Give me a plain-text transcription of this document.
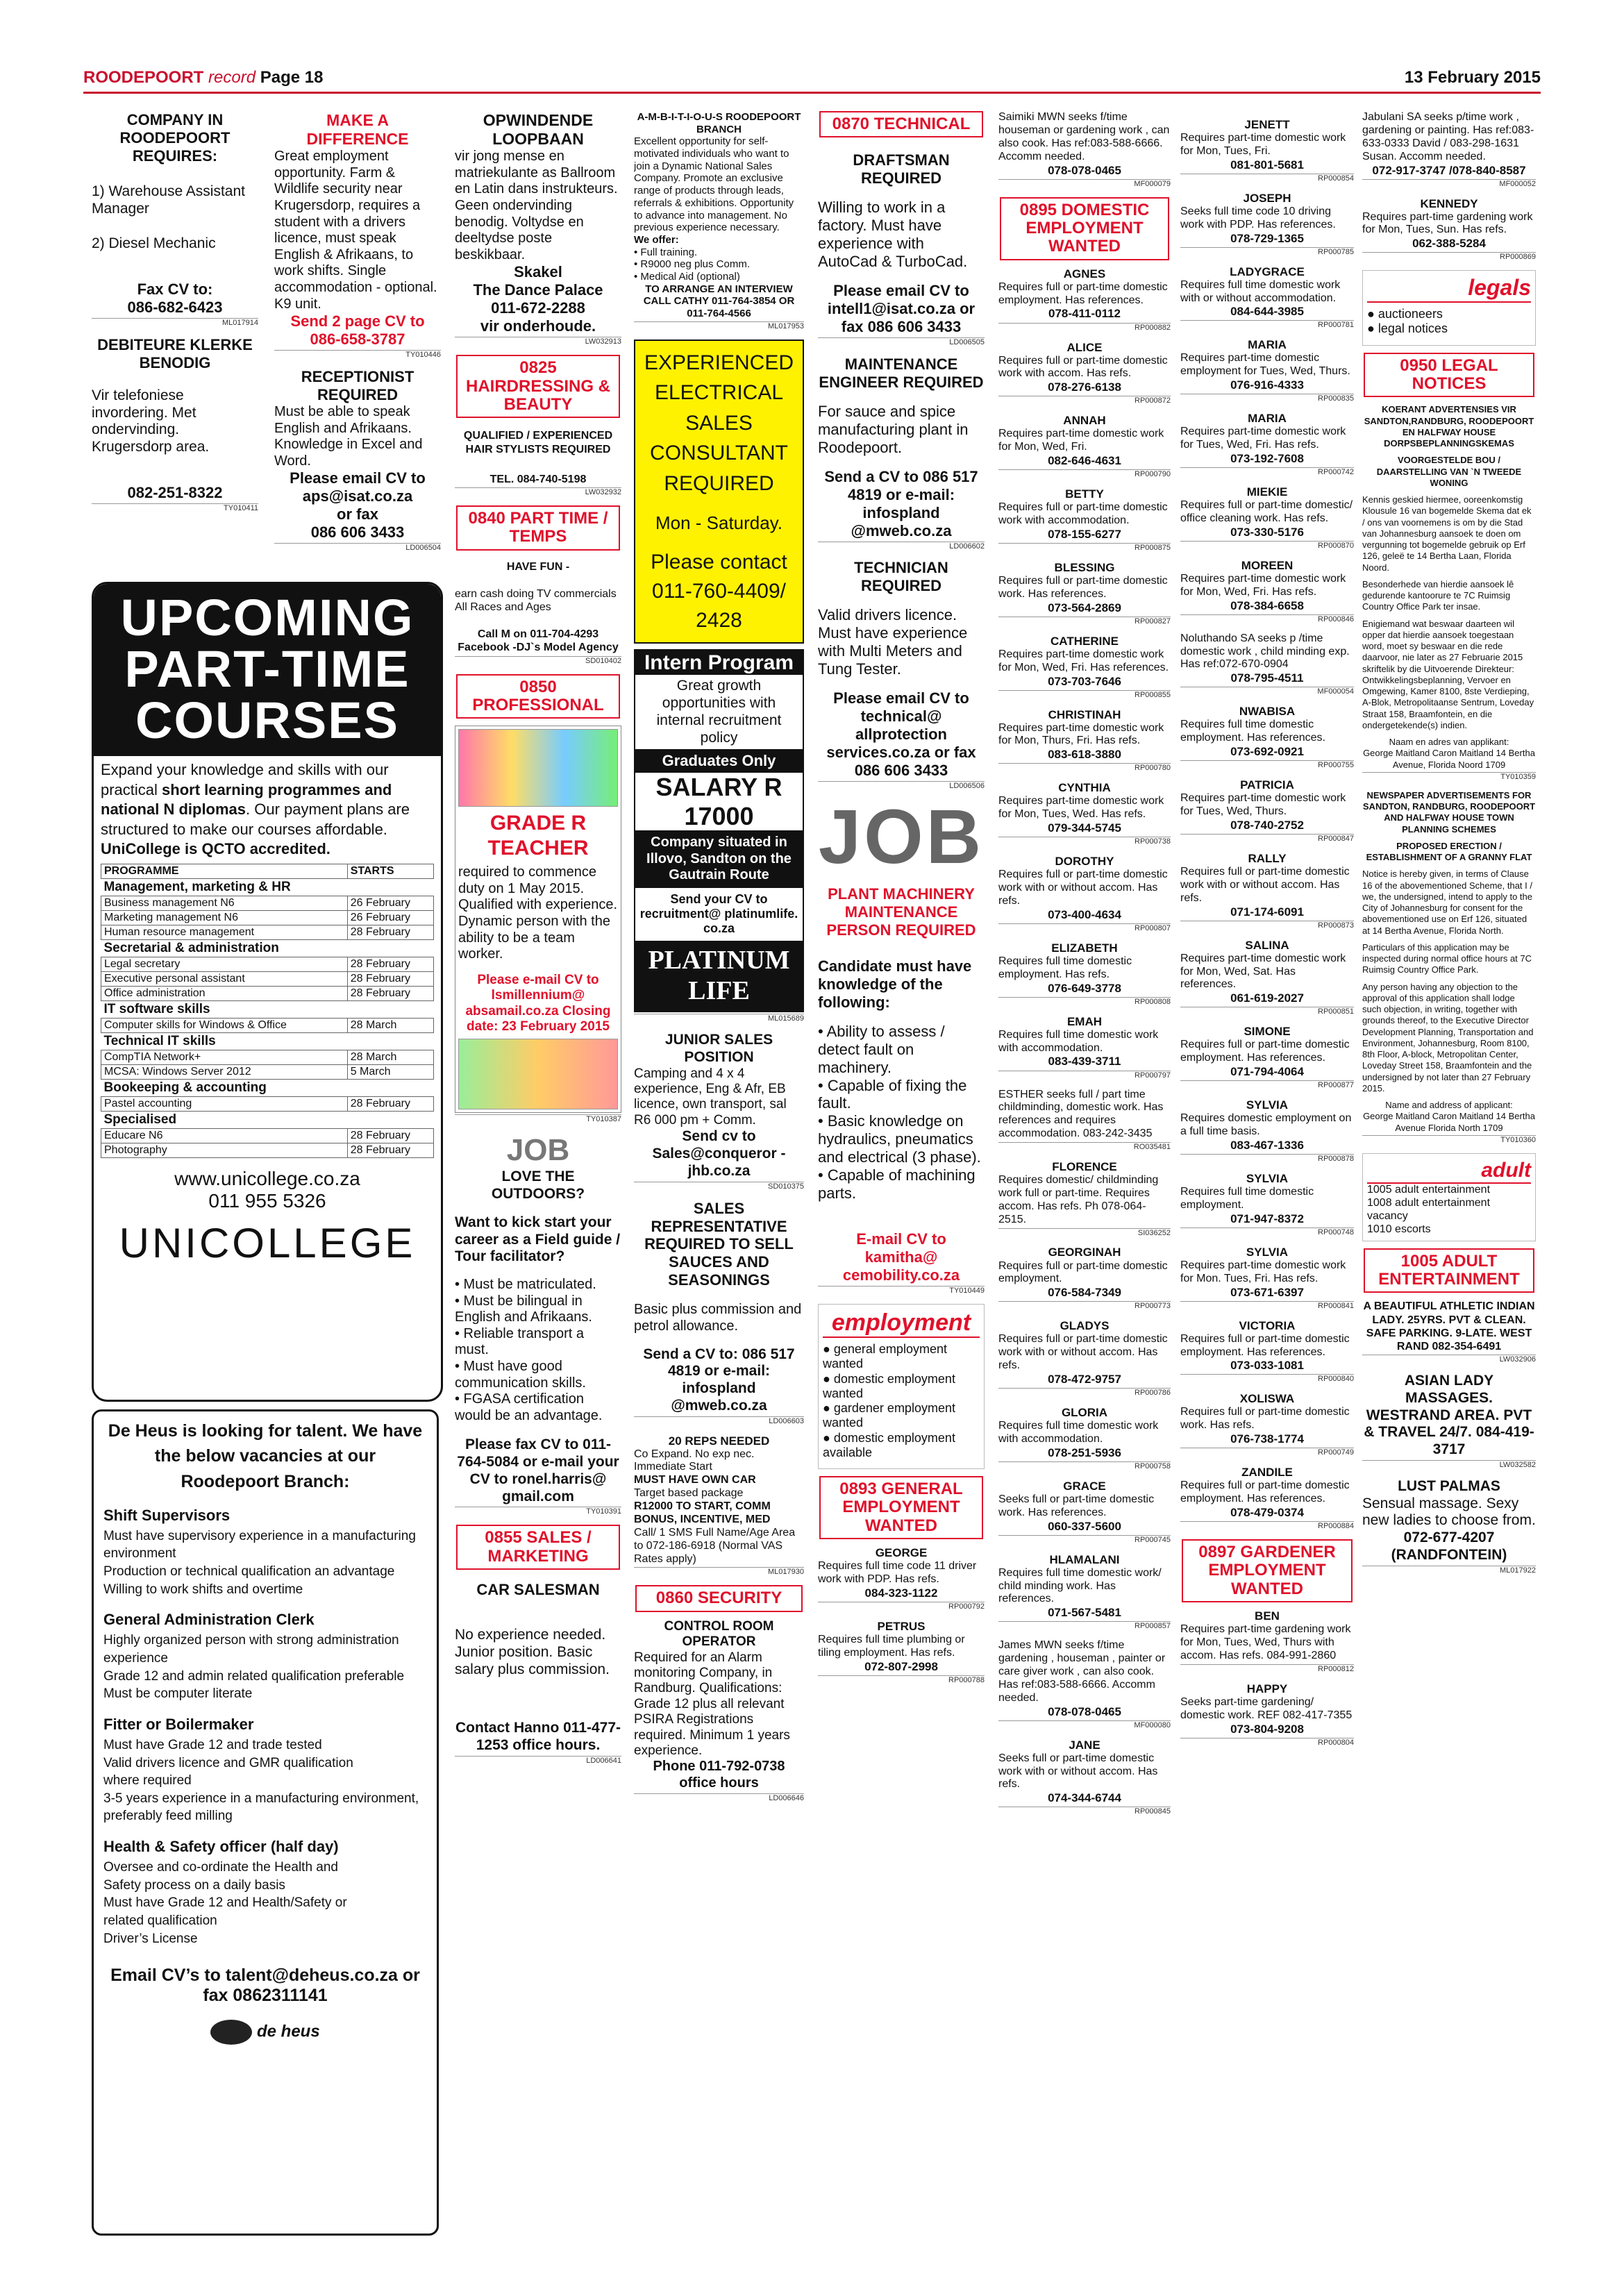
ROODEPOORT record Page 18	13 February 2015
COMPANY IN ROODEPOORT REQUIRES:
1) Warehouse Assistant Manager
2) Diesel Mechanic
Fax CV to:
086-682-6423
ML017914
DEBITEURE KLERKE BENODIG
Vir telefoniese invordering. Met ondervinding. Krugersdorp area.
082-251-8322
TY010411
MAKE A DIFFERENCE
Great employment opportunity. Farm & Wildlife security near Krugersdorp, requires a student with a drivers licence, must speak English & Afrikaans, to work shifts. Single accommodation - optional. K9 unit.
Send 2 page CV to 086-658-3787
TY010446
RECEPTIONIST REQUIRED
Must be able to speak English and Afrikaans. Knowledge in Excel and Word.
Please email CV to aps@isat.co.za
or fax
086 606 3433
LD006504
UPCOMING PART-TIME COURSES
Expand your knowledge and skills with our practical short learning programmes and national N diplomas. Our payment plans are structured to make our courses affordable.
UniCollege is QCTO accredited.
PROGRAMME	STARTS
Management, marketing & HR	
Business management N6	26 February
Marketing management N6	26 February
Human resource management	28 February
Secretarial & administration	
Legal secretary	28 February
Executive personal assistant	28 February
Office administration	28 February
IT software skills	
Computer skills for Windows & Office	28 March
Technical IT skills	
CompTIA Network+	28 March
MCSA: Windows Server 2012	5 March
Bookeeping & accounting	
Pastel accounting	28 February
Specialised	
Educare N6	28 February
Photography	28 February
www.unicollege.co.za
011 955 5326
UNICOLLEGE
De Heus is looking for talent. We have the below vacancies at our Roodepoort Branch:
Shift Supervisors

Must have supervisory experience in a manufacturing environment

Production or technical qualification an advantage

Willing to work shifts and overtime

General Administration Clerk

Highly organized person with strong administration experience

Grade 12 and admin related qualification preferable

Must be computer literate

Fitter or Boilermaker

Must have Grade 12 and trade tested

Valid drivers licence and GMR qualification

where required

3-5 years experience in a manufacturing environment, preferably feed milling

Health & Safety officer (half day)

Oversee and co-ordinate the Health and

Safety process on a daily basis

Must have Grade 12 and Health/Safety or

related qualification

Driver’s License

Email CV’s to talent@deheus.co.za or fax 0862311141
de heus
OPWINDENDE LOOPBAAN
vir jong mense en matriekulante as Ballroom en Latin dans instrukteurs. Geen ondervinding benodig. Voltydse en deeltydse poste beskikbaar.
Skakel
The Dance Palace
011-672-2288
vir onderhoude.
LW032913
0825 HAIRDRESSING & BEAUTY
QUALIFIED / EXPERIENCED HAIR STYLISTS REQUIRED
TEL. 084-740-5198
LW032932
0840 PART TIME / TEMPS
HAVE FUN -
earn cash doing TV commercials All Races and Ages
Call M on 011-704-4293 Facebook -DJ`s Model Agency
SD010402
0850 PROFESSIONAL
GRADE R TEACHER
required to commence duty on 1 May 2015. Qualified with experience. Dynamic person with the ability to be a team worker.
Please e-mail CV to lsmillennium@ absamail.co.za Closing date: 23 February 2015
TY010387
JOB
LOVE THE OUTDOORS?
Want to kick start your career as a Field guide / Tour facilitator?
• Must be matriculated.
• Must be bilingual in English and Afrikaans.
• Reliable transport a must.
• Must have good communication skills.
• FGASA certification would be an advantage.
Please fax CV to 011-764-5084 or e-mail your CV to ronel.harris@ gmail.com
TY010391
0855 SALES / MARKETING
CAR SALESMAN
No experience needed. Junior position. Basic salary plus commission.
Contact Hanno 011-477-1253 office hours.
LD006641
A-M-B-I-T-I-O-U-S ROODEPOORT BRANCH
Excellent opportunity for self-motivated individuals who want to join a Dynamic National Sales Company. Promote an exclusive range of products through leads, referrals & exhibitions. Opportunity to advance into management. No previous experience necessary.
We offer:
• Full training.
• R9000 neg plus Comm.
• Medical Aid (optional)
TO ARRANGE AN INTERVIEW CALL CATHY 011-764-3854 OR 011-764-4566
ML017953
EXPERIENCED ELECTRICAL SALES CONSULTANT REQUIRED
Mon - Saturday.
Please contact 011-760-4409/ 2428
Intern Program
Great growth opportunities with internal recruitment policy
Graduates Only
SALARY R 17000
Company situated in Illovo, Sandton on the Gautrain Route
Send your CV to recruitment@ platinumlife. co.za
PLATINUM LIFE
ML015689
JUNIOR SALES POSITION
Camping and 4 x 4 experience, Eng & Afr, EB licence, own transport, sal R6 000 pm + Comm.
Send cv to Sales@conqueror -jhb.co.za
SD010375
SALES REPRESENTATIVE REQUIRED TO SELL SAUCES AND SEASONINGS
Basic plus commission and petrol allowance.
Send a CV to: 086 517 4819 or e-mail: infospland @mweb.co.za
LD006603
20 REPS NEEDED
Co Expand. No exp nec. Immediate Start
MUST HAVE OWN CAR
Target based package
R12000 TO START, COMM BONUS, INCENTIVE, MED
Call/ 1 SMS Full Name/Age Area to 072-186-6918 (Normal VAS Rates apply)
ML017930
0860 SECURITY
CONTROL ROOM OPERATOR
Required for an Alarm monitoring Company, in Randburg. Qualifications: Grade 12 plus all relevant PSIRA Registrations required. Minimum 1 years experience.
Phone 011-792-0738 office hours
LD006646
0870 TECHNICAL
DRAFTSMAN REQUIRED
Willing to work in a factory. Must have experience with AutoCad & TurboCad.
Please email CV to intell1@isat.co.za or fax 086 606 3433
LD006505
MAINTENANCE ENGINEER REQUIRED
For sauce and spice manufacturing plant in Roodepoort.
Send a CV to 086 517 4819 or e-mail: infospland @mweb.co.za
LD006602
TECHNICIAN REQUIRED
Valid drivers licence. Must have experience with Multi Meters and Tung Tester.
Please email CV to technical@ allprotection services.co.za or fax 086 606 3433
LD006506
JOB
PLANT MACHINERY MAINTENANCE PERSON REQUIRED
Candidate must have knowledge of the following:
• Ability to assess / detect fault on machinery.
• Capable of fixing the fault.
• Basic knowledge on hydraulics, pneumatics and electrical (3 phase).
• Capable of machining parts.
E-mail CV to kamitha@ cemobility.co.za
TY010449
employment
● general employment wanted
● domestic employment wanted
● gardener employment wanted
● domestic employment available
0893 GENERAL EMPLOYMENT WANTED
GEORGE
Requires full time code 11 driver work with PDP. Has refs.
084-323-1122
RP000792
PETRUS
Requires full time plumbing or tiling employment. Has refs.
072-807-2998
RP000788
Saimiki MWN seeks f/time houseman or gardening work , can also cook. Has ref:083-588-6666. Accomm needed.
078-078-0465
MF000079
0895 DOMESTIC EMPLOYMENT WANTED
AGNES
Requires full or part-time domestic employment. Has references.
078-411-0112
RP000882
ALICE
Requires full or part-time domestic work with accom. Has refs.
078-276-6138
RP000872
ANNAH
Requires part-time domestic work for Mon, Wed, Fri.
082-646-4631
RP000790
BETTY
Requires full or part-time domestic work with accommodation.
078-155-6277
RP000875
BLESSING
Requires full or part-time domestic work. Has references.
073-564-2869
RP000827
CATHERINE
Requires part-time domestic work for Mon, Wed, Fri. Has references.
073-703-7646
RP000855
CHRISTINAH
Requires part-time domestic work for Mon, Thurs, Fri. Has refs.
083-618-3880
RP000780
CYNTHIA
Requires part-time domestic work for Mon, Tues, Wed. Has refs.
079-344-5745
RP000738
DOROTHY
Requires full or part-time domestic work with or without accom. Has refs.
073-400-4634
RP000807
ELIZABETH
Requires full time domestic employment. Has refs.
076-649-3778
RP000808
EMAH
Requires full time domestic work with accommodation.
083-439-3711
RP000797
ESTHER seeks full / part time childminding, domestic work. Has references and requires accommodation. 083-242-3435
RO035481
FLORENCE
Requires domestic/ childminding work full or part-time. Requires accom. Has refs. Ph 078-064-2515.
SI036252
GEORGINAH
Requires full or part-time domestic employment.
076-584-7349
RP000773
GLADYS
Requires full or part-time domestic work with or without accom. Has refs.
078-472-9757
RP000786
GLORIA
Requires full time domestic work with accommodation.
078-251-5936
RP000758
GRACE
Seeks full or part-time domestic work. Has references.
060-337-5600
RP000745
HLAMALANI
Requires full time domestic work/ child minding work. Has references.
071-567-5481
RP000857
James MWN seeks f/time gardening , houseman , painter or care giver work , can also cook. Has ref:083-588-6666. Accomm needed.
078-078-0465
MF000080
JANE
Seeks full or part-time domestic work with or without accom. Has refs.
074-344-6744
RP000845
JENETT
Requires part-time domestic work for Mon, Tues, Fri.
081-801-5681
RP000854
JOSEPH
Seeks full time code 10 driving work with PDP. Has references.
078-729-1365
RP000785
LADYGRACE
Requires full time domestic work with or without accommodation.
084-644-3985
RP000781
MARIA
Requires part-time domestic employment for Tues, Wed, Thurs.
076-916-4333
RP000835
MARIA
Requires part-time domestic work for Tues, Wed, Fri. Has refs.
073-192-7608
RP000742
MIEKIE
Requires full or part-time domestic/ office cleaning work. Has refs.
073-330-5176
RP000870
MOREEN
Requires part-time domestic work for Mon, Wed, Fri. Has refs.
078-384-6658
RP000846
Noluthando SA seeks p /time domestic work , child minding exp. Has ref:072-670-0904
078-795-4511
MF000054
NWABISA
Requires full time domestic employment. Has references.
073-692-0921
RP000755
PATRICIA
Requires part-time domestic work for Tues, Wed, Thurs.
078-740-2752
RP000847
RALLY
Requires full or part-time domestic work with or without accom. Has refs.
071-174-6091
RP000873
SALINA
Requires part-time domestic work for Mon, Wed, Sat. Has references.
061-619-2027
RP000851
SIMONE
Requires full or part-time domestic employment. Has references.
071-794-4064
RP000877
SYLVIA
Requires domestic employment on a full time basis.
083-467-1336
RP000878
SYLVIA
Requires full time domestic employment.
071-947-8372
RP000748
SYLVIA
Requires part-time domestic work for Mon. Tues, Fri. Has refs.
073-671-6397
RP000841
VICTORIA
Requires full or part-time domestic employment. Has references.
073-033-1081
RP000840
XOLISWA
Requires full or part-time domestic work. Has refs.
076-738-1774
RP000749
ZANDILE
Requires full or part-time domestic employment. Has references.
078-479-0374
RP000884
0897 GARDENER EMPLOYMENT WANTED
BEN
Requires part-time gardening work for Mon, Tues, Wed, Thurs with accom. Has refs. 084-991-2860
RP000812
HAPPY
Seeks part-time gardening/ domestic work. REF 082-417-7355
073-804-9208
RP000804
Jabulani SA seeks p/time work , gardening or painting. Has ref:083-633-0333 David / 083-298-1631 Susan. Accomm needed.
072-917-3747 /078-840-8587
MF000052
KENNEDY
Requires part-time gardening work for Mon, Tues, Sun. Has refs.
062-388-5284
RP000869
legals
● auctioneers
● legal notices
0950 LEGAL NOTICES
KOERANT ADVERTENSIES VIR SANDTON,RANDBURG, ROODEPOORT EN HALFWAY HOUSE DORPSBEPLANNINGSKEMAS
VOORGESTELDE BOU / DAARSTELLING VAN `N TWEEDE WONING
Kennis geskied hiermee, ooreenkomstig Klousule 16 van bogemelde Skema dat ek / ons van voornemens is om by die Stad van Johannesburg aansoek te doen om vergunning tot bogemelde gebruik op Erf 126, geleë te 14 Bertha Laan, Florida Noord.
Besonderhede van hierdie aansoek lê gedurende kantoorure te 7C Ruimsig Country Office Park ter insae.
Enigiemand wat beswaar daarteen wil opper dat hierdie aansoek toegestaan word, moet sy beswaar en die rede daarvoor, nie later as 27 Februarie 2015 skriftelik by die Uitvoerende Direkteur: Ontwikkelingsbeplanning, Vervoer en Omgewing, Kamer 8100, 8ste Verdieping, A-Blok, Metropolitaanse Sentrum, Loveday Straat 158, Braamfontein, en die ondergetekende(s) indien.
Naam en adres van applikant:
George Maitland Caron Maitland 14 Bertha Avenue, Florida Noord 1709
TY010359
NEWSPAPER ADVERTISEMENTS FOR SANDTON, RANDBURG, ROODEPOORT AND HALFWAY HOUSE TOWN PLANNING SCHEMES
PROPOSED ERECTION / ESTABLISHMENT OF A GRANNY FLAT
Notice is hereby given, in terms of Clause 16 of the abovementioned Scheme, that I / we, the undersigned, intend to apply to the City of Johannesburg for consent for the abovementioned use on Erf 126, situated at 14 Bertha Avenue, Florida North.
Particulars of this application may be inspected during normal office hours at 7C Ruimsig Country Office Park.
Any person having any objection to the approval of this application shall lodge such objection, in writing, together with grounds thereof, to the Executive Director Development Planning, Transportation and Environment, Johannesburg, Room 8100, 8th Floor, A-block, Metropolitan Center, Loveday Street 158, Braamfontein and the undersigned by not later than 27 February 2015.
Name and address of applicant:
George Maitland Caron Maitland 14 Bertha Avenue Florida North 1709
TY010360
adult
1005 adult entertainment
1008 adult entertainment vacancy
1010 escorts
1005 ADULT ENTERTAINMENT
A BEAUTIFUL ATHLETIC INDIAN LADY. 25YRS. PVT & CLEAN. SAFE PARKING. 9-LATE. WEST RAND 082-354-6491
LW032906
ASIAN LADY MASSAGES. WESTRAND AREA. PVT & TRAVEL 24/7. 084-419-3717
LW032582
LUST PALMAS
Sensual massage. Sexy new ladies to choose from.
072-677-4207 (RANDFONTEIN)
ML017922
